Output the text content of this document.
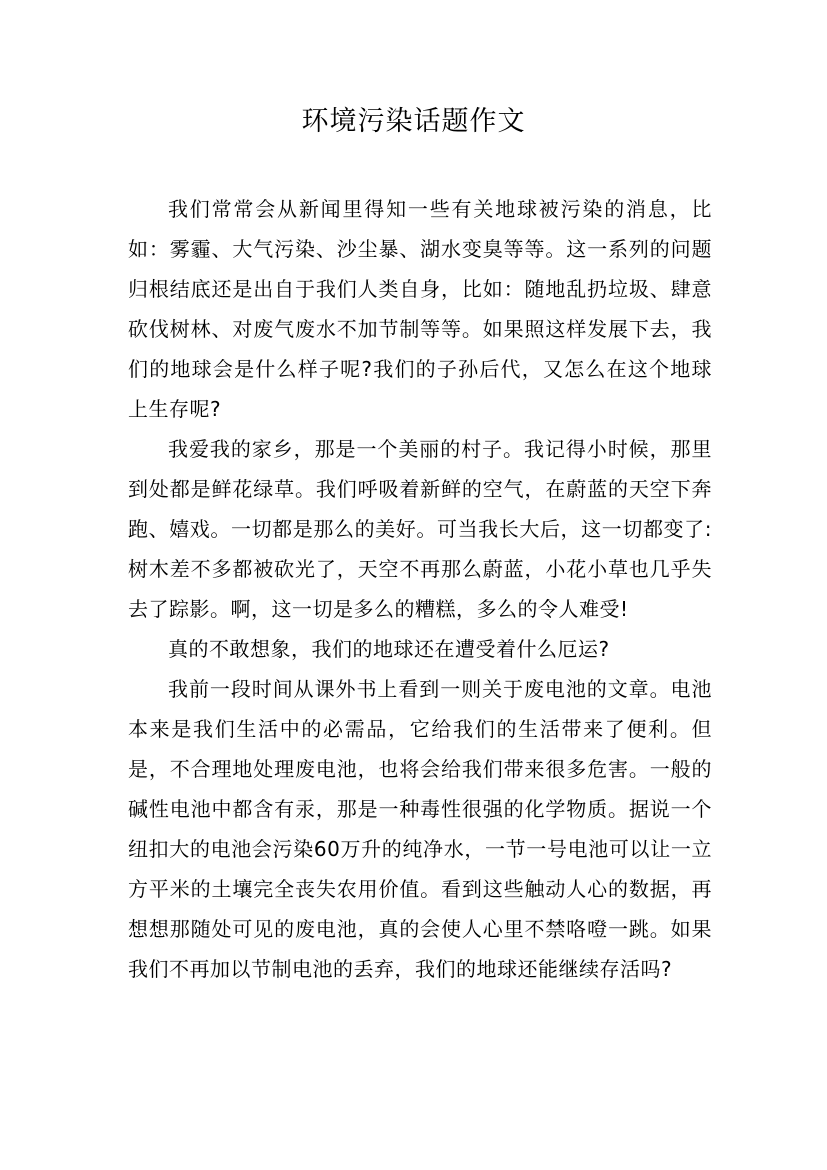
环境污染话题作文

我们常常会从新闻里得知一些有关地球被污染的消息，比如：雾霾、大气污染、沙尘暴、湖水变臭等等。这一系列的问题归根结底还是出自于我们人类自身，比如：随地乱扔垃圾、肆意砍伐树林、对废气废水不加节制等等。如果照这样发展下去，我们的地球会是什么样子呢?我们的子孙后代，又怎么在这个地球上生存呢?

我爱我的家乡，那是一个美丽的村子。我记得小时候，那里到处都是鲜花绿草。我们呼吸着新鲜的空气，在蔚蓝的天空下奔跑、嬉戏。一切都是那么的美好。可当我长大后，这一切都变了:树木差不多都被砍光了，天空不再那么蔚蓝，小花小草也几乎失去了踪影。啊，这一切是多么的糟糕，多么的令人难受!

真的不敢想象，我们的地球还在遭受着什么厄运?

我前一段时间从课外书上看到一则关于废电池的文章。电池本来是我们生活中的必需品，它给我们的生活带来了便利。但是，不合理地处理废电池，也将会给我们带来很多危害。一般的碱性电池中都含有汞，那是一种毒性很强的化学物质。据说一个纽扣大的电池会污染60万升的纯净水，一节一号电池可以让一立方平米的土壤完全丧失农用价值。看到这些触动人心的数据，再想想那随处可见的废电池，真的会使人心里不禁咯噔一跳。如果我们不再加以节制电池的丢弃，我们的地球还能继续存活吗?
